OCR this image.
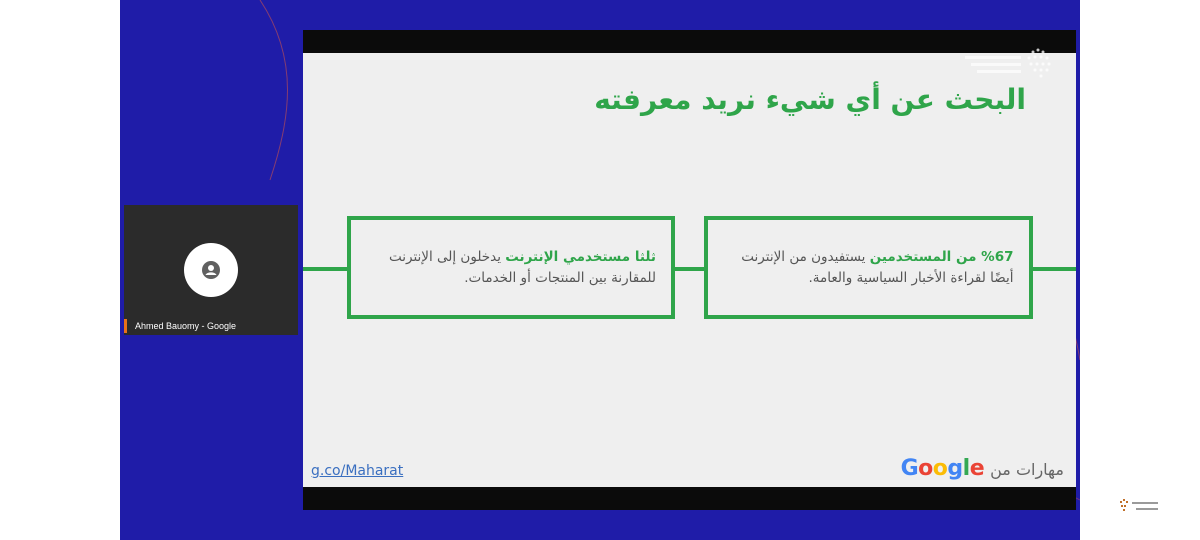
البحث عن أي شيء نريد معرفته
%67 من المستخدمين يستفيدون من الإنترنت أيضًا لقراءة الأخبار السياسية والعامة.
ثلثا مستخدمي الإنترنت يدخلون إلى الإنترنت للمقارنة بين المنتجات أو الخدمات.
g.co/Maharat	Google مهارات من
Ahmed Bauomy - Google
